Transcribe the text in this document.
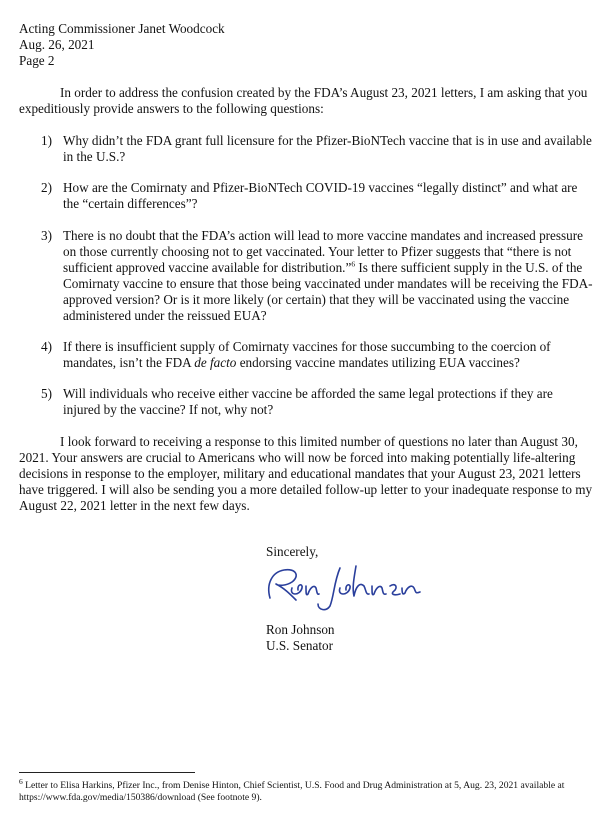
Acting Commissioner Janet Woodcock
Aug. 26, 2021
Page 2

In order to address the confusion created by the FDA’s August 23, 2021 letters, I am asking that you expeditiously provide answers to the following questions:

1) Why didn’t the FDA grant full licensure for the Pfizer-BioNTech vaccine that is in use and available in the U.S.?
2) How are the Comirnaty and Pfizer-BioNTech COVID-19 vaccines “legally distinct” and what are the “certain differences”?
3) There is no doubt that the FDA’s action will lead to more vaccine mandates and increased pressure on those currently choosing not to get vaccinated. Your letter to Pfizer suggests that “there is not sufficient approved vaccine available for distribution.”$^6$ Is there sufficient supply in the U.S. of the Comirnaty vaccine to ensure that those being vaccinated under mandates will be receiving the FDA-approved version? Or is it more likely (or certain) that they will be vaccinated using the vaccine administered under the reissued EUA?
4) If there is insufficient supply of Comirnaty vaccines for those succumbing to the coercion of mandates, isn’t the FDA de facto endorsing vaccine mandates utilizing EUA vaccines?
5) Will individuals who receive either vaccine be afforded the same legal protections if they are injured by the vaccine? If not, why not?

I look forward to receiving a response to this limited number of questions no later than August 30, 2021. Your answers are crucial to Americans who will now be forced into making potentially life-altering decisions in response to the employer, military and educational mandates that your August 23, 2021 letters have triggered. I will also be sending you a more detailed follow-up letter to your inadequate response to my August 22, 2021 letter in the next few days.

Sincerely,
Ron Johnson
U.S. Senator
$^6$ Letter to Elisa Harkins, Pfizer Inc., from Denise Hinton, Chief Scientist, U.S. Food and Drug Administration at 5, Aug. 23, 2021 available at https://www.fda.gov/media/150386/download (See footnote 9).
